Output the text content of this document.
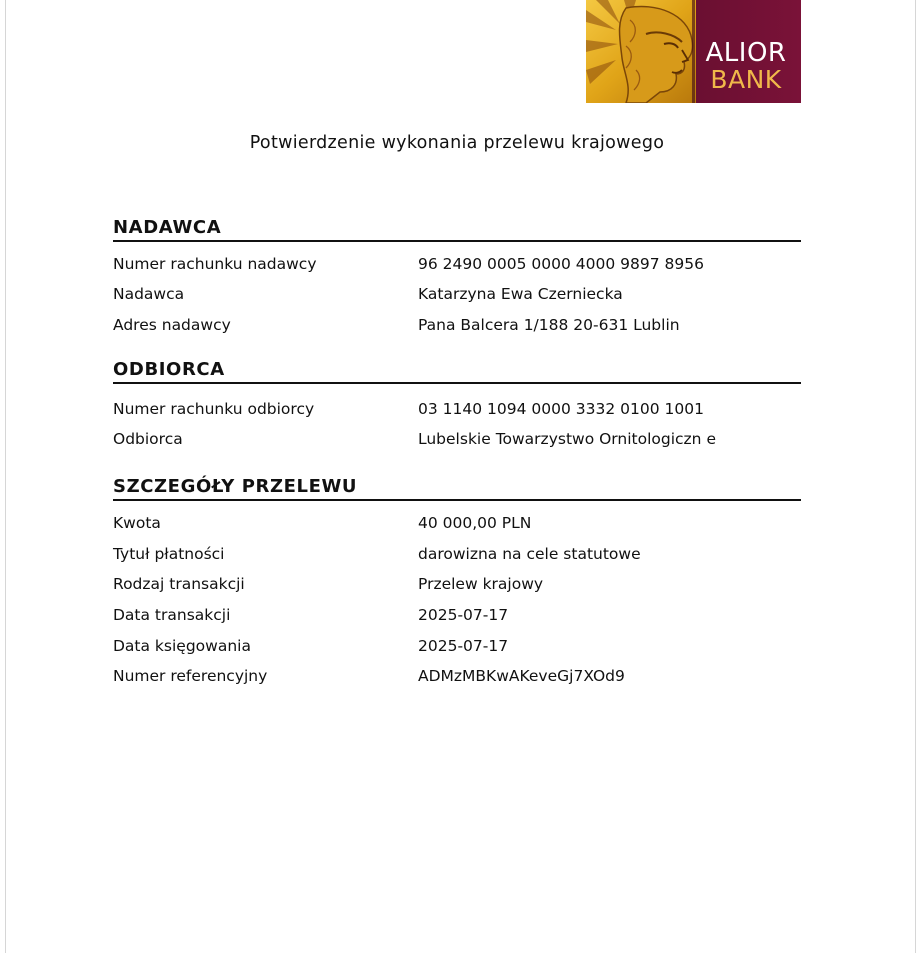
ALIOR
BANK
Potwierdzenie wykonania przelewu krajowego
NADAWCA
Numer rachunku nadawcy	96 2490 0005 0000 4000 9897 8956
Nadawca	Katarzyna Ewa Czerniecka
Adres nadawcy	Pana Balcera 1/188 20-631 Lublin
ODBIORCA
Numer rachunku odbiorcy	03 1140 1094 0000 3332 0100 1001
Odbiorca	Lubelskie Towarzystwo Ornitologiczn e
SZCZEGÓŁY PRZELEWU
Kwota	40 000,00 PLN
Tytuł płatności	darowizna na cele statutowe
Rodzaj transakcji	Przelew krajowy
Data transakcji	2025-07-17
Data księgowania	2025-07-17
Numer referencyjny	ADMzMBKwAKeveGj7XOd9
